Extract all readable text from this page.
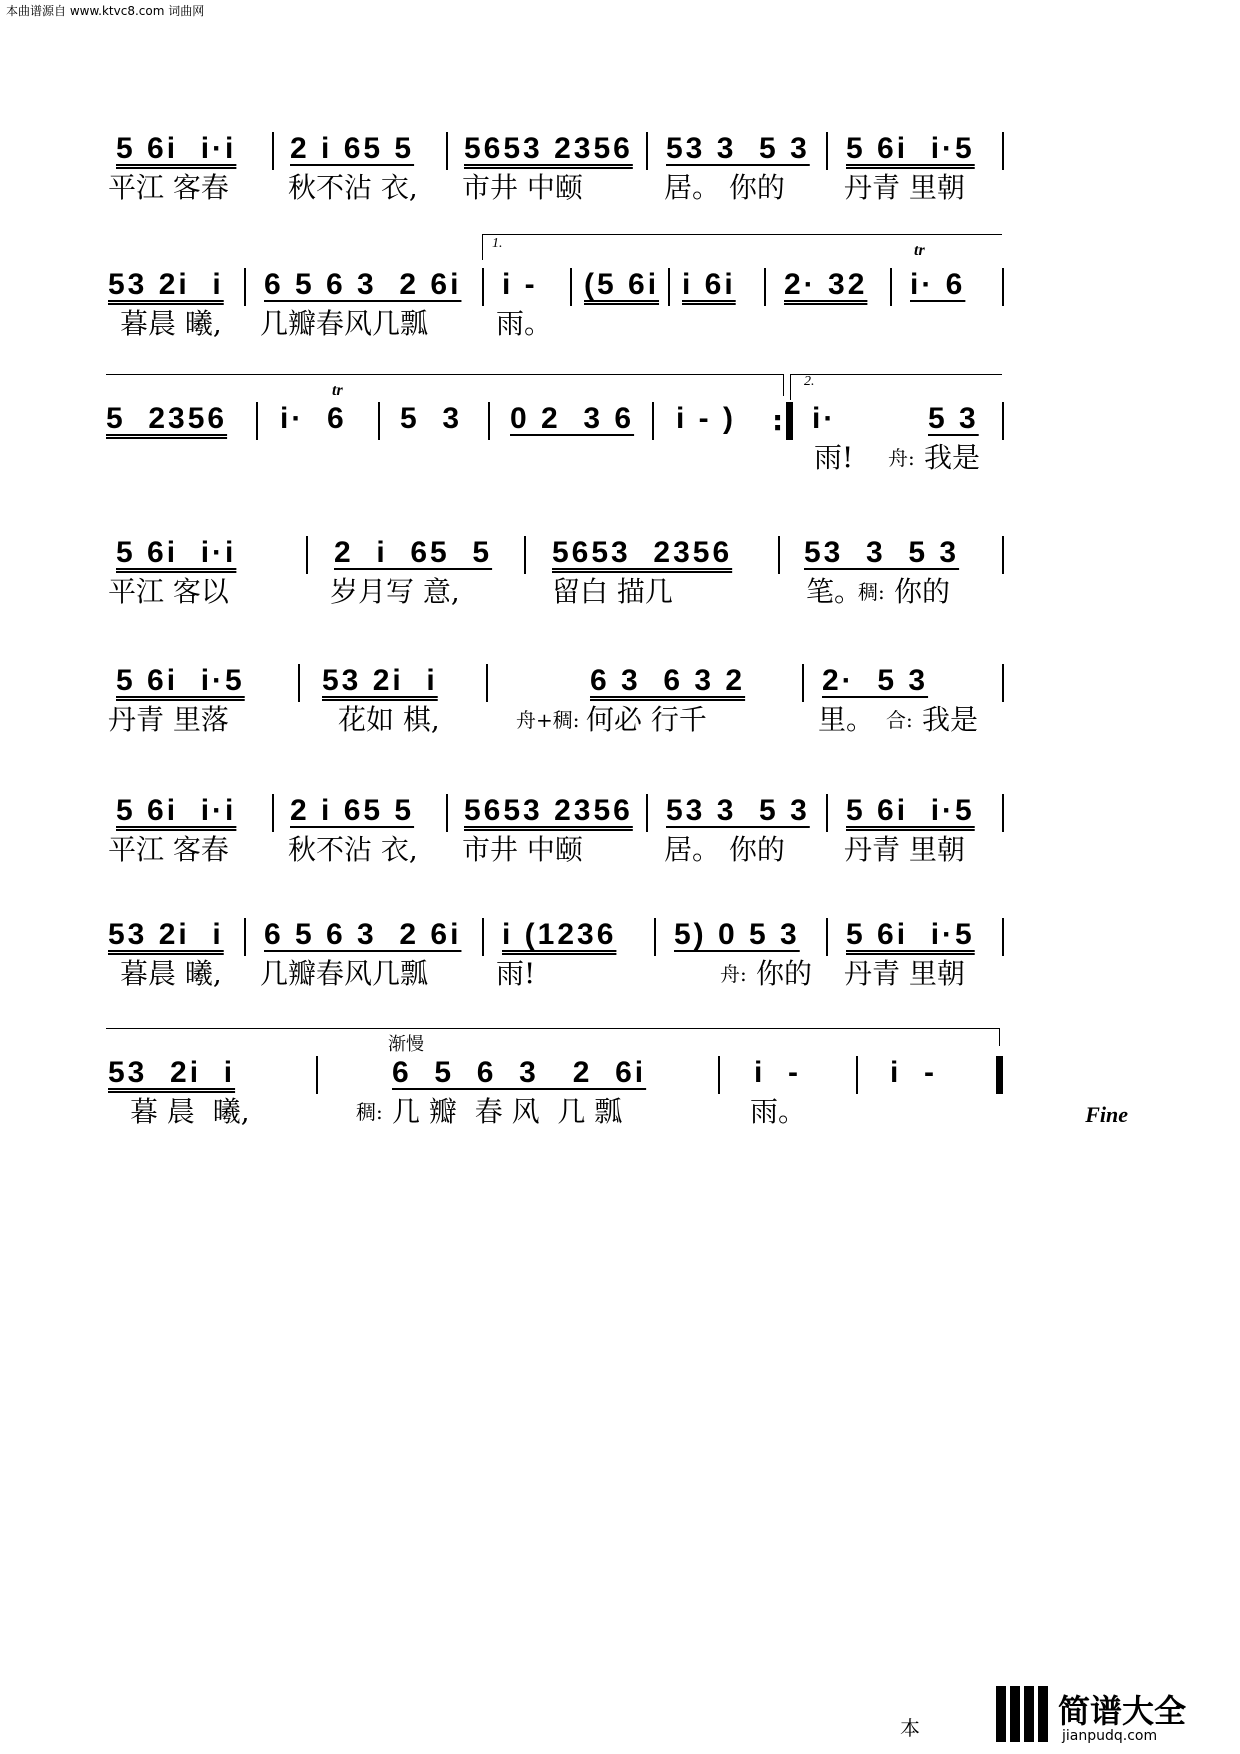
本曲谱源自 www.ktvc8.com 词曲网
5 6i  i·i 2 i 65 5 5653 2356 53 3  5 3 5 6i  i·5

平江 客春

秋不沾 衣,

市井 中颐

	居。 你的

丹青 里朝

1.	tr
53 2i  i 6 5 6 3  2 6i i - (5 6i i 6i 2· 32 i· 6

暮晨 曦,

几瓣春风几瓢

雨。

2.
tr
5  2356 i·  6 5  3 0 2  3 6 i - )
:	i·	5 3

雨!

舟:

我是

5 6i  i·i	2  i  65  5 5653  2356 53  3  5 3

平江 客以

	岁月写 意,

	留白 描几

	笔。

稠:

你的

5 6i  i·5	53 2i  i	6 3  6 3 2	2·  5 3

丹青 里落

	花如 棋,

	舟+稠:

何必 行千

	里。

合:

我是

5 6i  i·i 2 i 65 5 5653 2356 53 3  5 3 5 6i  i·5

平江 客春

秋不沾 衣,

市井 中颐

	居。 你的

丹青 里朝

53 2i  i 6 5 6 3  2 6i i (1236 5) 0 5 3 5 6i  i·5

暮晨 曦,

几瓣春风几瓢

雨!

	舟:

你的

丹青 里朝

渐慢
53  2i  i	6  5  6  3   2  6i	i  -	i  -

暮 晨  曦,

	稠:

几 瓣  春 风  几 瓢

	雨。

	Fine
本	简谱大全
jianpudq.com
